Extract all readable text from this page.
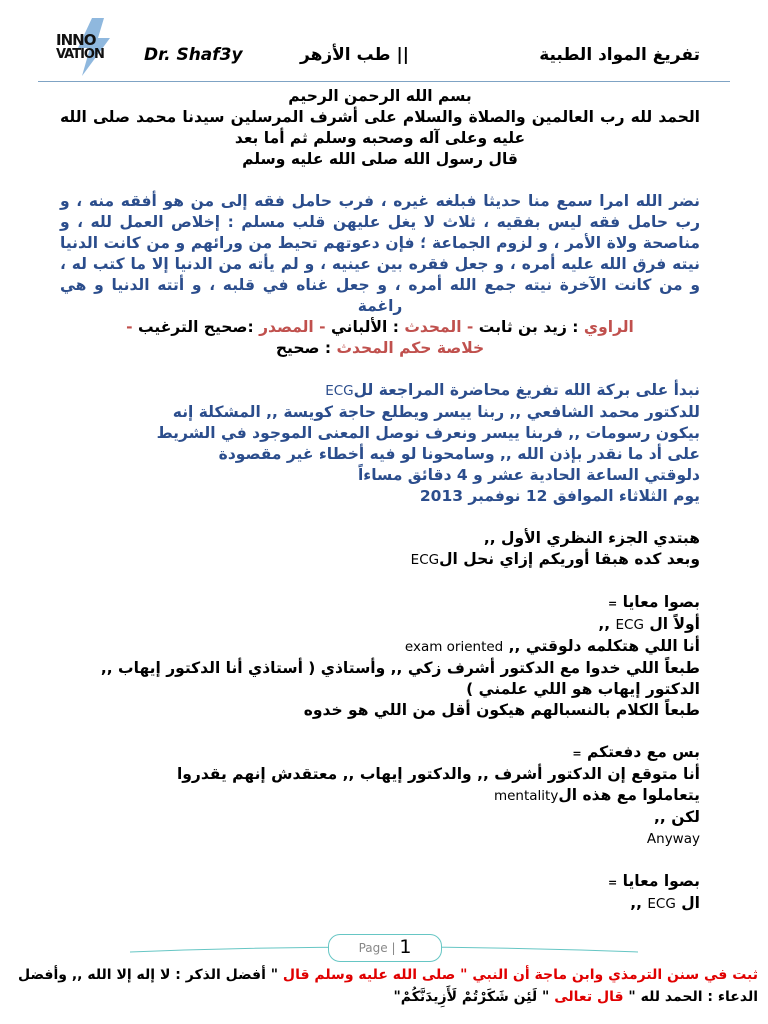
INNO
VATION Dr. Shaf3y	|| طب الأزهر	تفريغ المواد الطبية
بسم الله الرحمن الرحيم
الحمد لله رب العالمين والصلاة والسلام على أشرف المرسلين سيدنا محمد صلى الله عليه وعلى آله وصحبه وسلم ثم أما بعد
قال رسول الله صلى الله عليه وسلم
نضر الله امرا سمع منا حديثا فبلغه غيره ، فرب حامل فقه إلى من هو أفقه منه ، و رب حامل فقه ليس بفقيه ، ثلاث لا يغل عليهن قلب مسلم : إخلاص العمل لله ، و مناصحة ولاة الأمر ، و لزوم الجماعة ؛ فإن دعوتهم تحيط من ورائهم و من كانت الدنيا نيته فرق الله عليه أمره ، و جعل فقره بين عينيه ، و لم يأته من الدنيا إلا ما كتب له ، و من كانت الآخرة نيته جمع الله أمره ، و جعل غناه في قلبه ، و أتته الدنيا و هي راغمة
الراوي : زيد بن ثابت - المحدث : الألباني - المصدر :صحيح الترغيب -
خلاصة حكم المحدث : صحيح
نبدأ على بركة الله تفريغ محاضرة المراجعة للECG
للدكتور محمد الشافعي ,, ربنا ييسر ويطلع حاجة كويسة ,, المشكلة إنه
بيكون رسومات ,, فربنا ييسر ونعرف نوصل المعنى الموجود في الشريط
على أد ما نقدر بإذن الله ,, وسامحونا لو فيه أخطاء غير مقصودة
دلوقتي الساعة الحادية عشر و 4 دقائق مساءاً
يوم الثلاثاء الموافق 12 نوفمبر 2013
هبتدي الجزء النظري الأول ,,
وبعد كده هبقا أوريكم إزاي نحل الECG
بصوا معايا =
أولاً ال ECG ,,
أنا اللي هتكلمه دلوقتي ,, exam oriented
طبعاً اللي خدوا مع الدكتور أشرف زكي ,, وأستاذي ( أستاذي أنا الدكتور إيهاب ,, الدكتور إيهاب هو اللي علمني )
طبعاً الكلام بالنسبالهم هيكون أقل من اللي هو خدوه
بس مع دفعتكم =
أنا متوقع إن الدكتور أشرف ,, والدكتور إيهاب ,, معتقدش إنهم يقدروا
يتعاملوا مع هذه الmentality
لكن ,,
Anyway
بصوا معايا =
ال ECG ,,
Page | 1
ثبت في سنن الترمذي وابن ماجة أن النبي " صلى الله عليه وسلم قال " أفضل الذكر : لا إله إلا الله ,, وأفضل الدعاء : الحمد لله " قال تعالى " لَئِن شَكَرْتُمْ لَأَزِيدَنَّكُمْ"
